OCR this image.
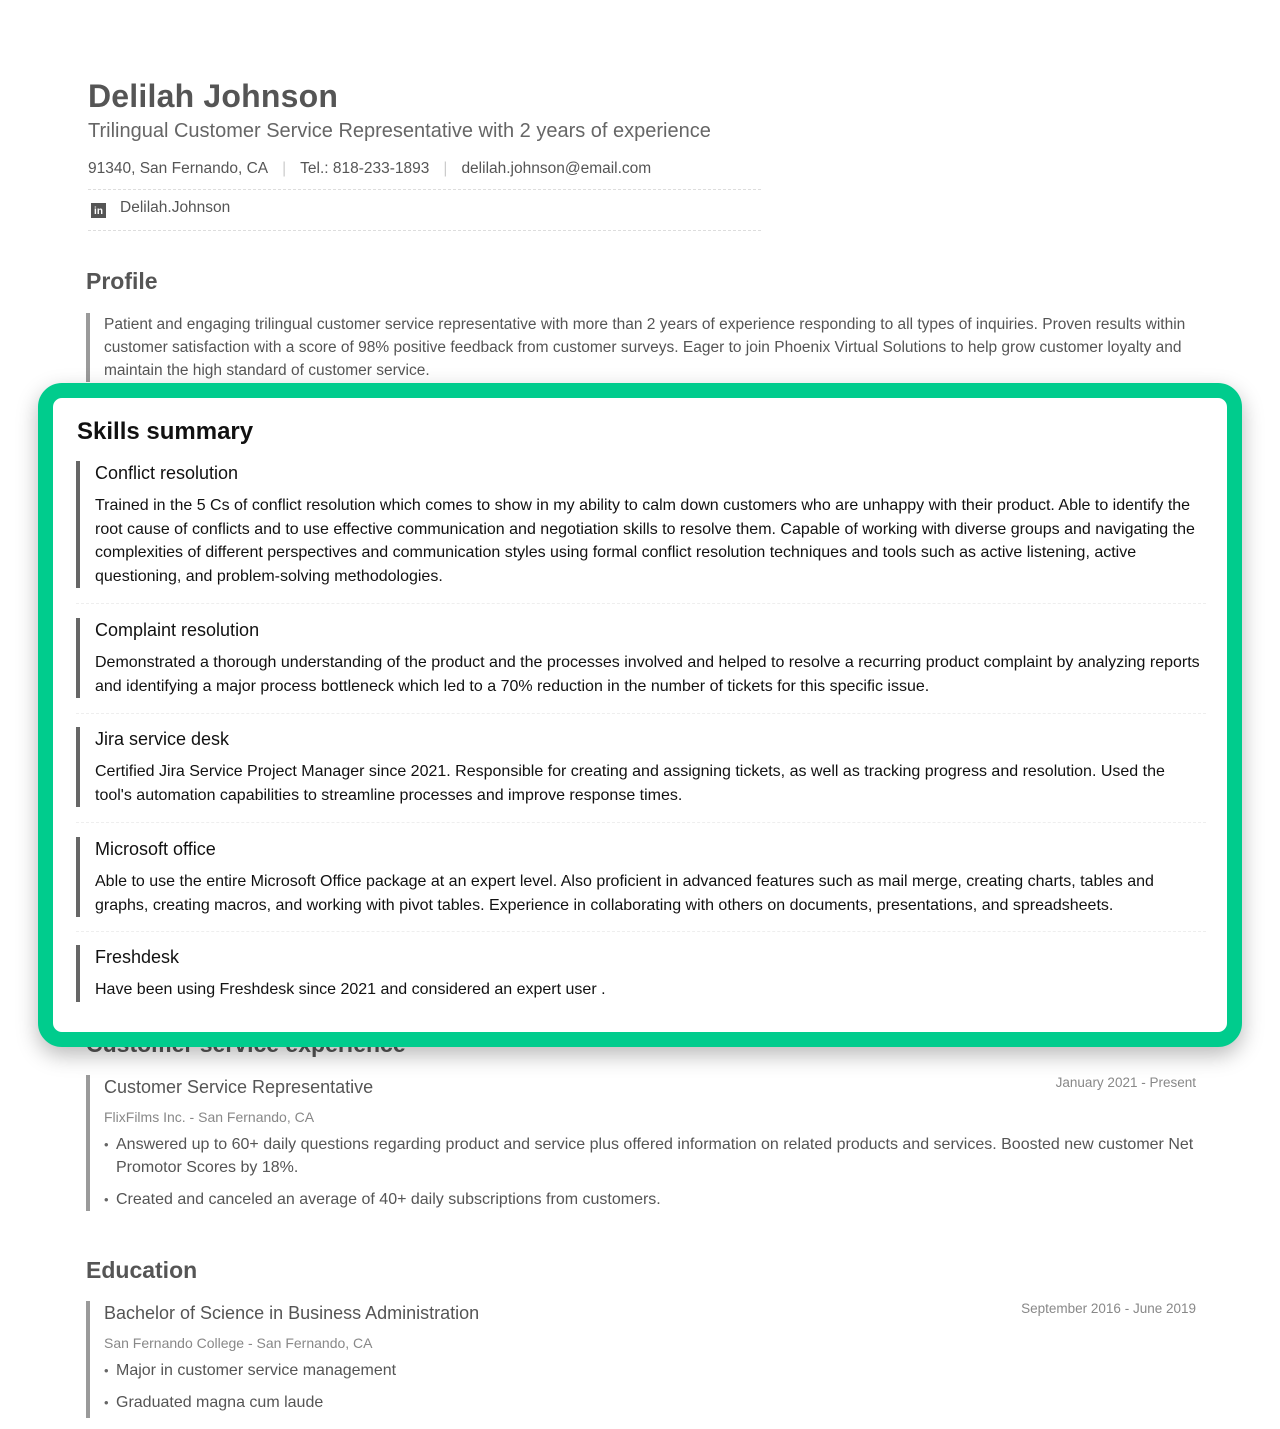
Delilah Johnson
Trilingual Customer Service Representative with 2 years of experience
91340, San Fernando, CA | Tel.: 818-233-1893 | delilah.johnson@email.com
in Delilah.Johnson
Profile
Patient and engaging trilingual customer service representative with more than 2 years of experience responding to all types of inquiries. Proven results within customer satisfaction with a score of 98% positive feedback from customer surveys. Eager to join Phoenix Virtual Solutions to help grow customer loyalty and maintain the high standard of customer service.
Skills summary
Conflict resolution
Trained in the 5 Cs of conflict resolution which comes to show in my ability to calm down customers who are unhappy with their product. Able to identify the root cause of conflicts and to use effective communication and negotiation skills to resolve them. Capable of working with diverse groups and navigating the complexities of different perspectives and communication styles using formal conflict resolution techniques and tools such as active listening, active questioning, and problem-solving methodologies.
Complaint resolution
Demonstrated a thorough understanding of the product and the processes involved and helped to resolve a recurring product complaint by analyzing reports and identifying a major process bottleneck which led to a 70% reduction in the number of tickets for this specific issue.
Jira service desk
Certified Jira Service Project Manager since 2021. Responsible for creating and assigning tickets, as well as tracking progress and resolution. Used the tool's automation capabilities to streamline processes and improve response times.
Microsoft office
Able to use the entire Microsoft Office package at an expert level. Also proficient in advanced features such as mail merge, creating charts, tables and graphs, creating macros, and working with pivot tables. Experience in collaborating with others on documents, presentations, and spreadsheets.
Freshdesk
Have been using Freshdesk since 2021 and considered an expert user .
Customer Service Representative	January 2021 - Present
FlixFilms Inc. - San Fernando, CA
• Answered up to 60+ daily questions regarding product and service plus offered information on related products and services. Boosted new customer Net Promotor Scores by 18%.
• Created and canceled an average of 40+ daily subscriptions from customers.
Education
Bachelor of Science in Business Administration	September 2016 - June 2019
San Fernando College - San Fernando, CA
• Major in customer service management
• Graduated magna cum laude
